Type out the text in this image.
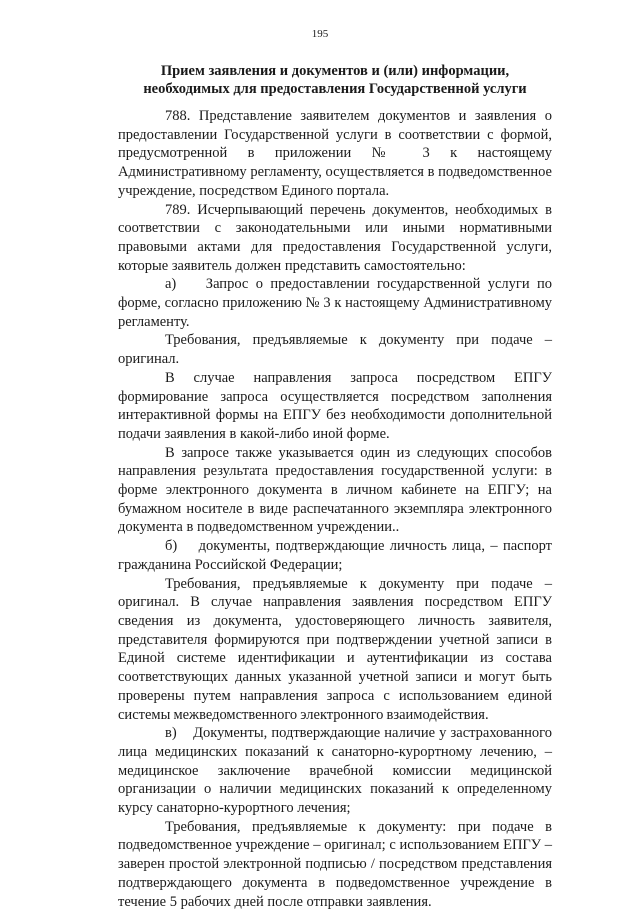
195
Прием заявления и документов и (или) информации, необходимых для предоставления Государственной услуги

788. Представление заявителем документов и заявления о предоставлении Государственной услуги в соответствии с формой, предусмотренной в приложении № 3 к настоящему Административному регламенту, осуществляется в подведомственное учреждение, посредством Единого портала.

789. Исчерпывающий перечень документов, необходимых в соответствии с законодательными или иными нормативными правовыми актами для предоставления Государственной услуги, которые заявитель должен представить самостоятельно:

а)    Запрос о предоставлении государственной услуги по форме, согласно приложению № 3 к настоящему Административному регламенту.

Требования, предъявляемые к документу при подаче – оригинал.

В случае направления запроса посредством ЕПГУ формирование запроса осуществляется посредством заполнения интерактивной формы на ЕПГУ без необходимости дополнительной подачи заявления в какой-либо иной форме.

В запросе также указывается один из следующих способов направления результата предоставления государственной услуги: в форме электронного документа в личном кабинете на ЕПГУ; на бумажном носителе в виде распечатанного экземпляра электронного документа в подведомственном учреждении..

б)    документы, подтверждающие личность лица, – паспорт гражданина Российской Федерации;

Требования, предъявляемые к документу при подаче – оригинал. В случае направления заявления посредством ЕПГУ сведения из документа, удостоверяющего личность заявителя, представителя формируются при подтверждении учетной записи в Единой системе идентификации и аутентификации из состава соответствующих данных указанной учетной записи и могут быть проверены путем направления запроса с использованием единой системы межведомственного электронного взаимодействия.

в)    Документы, подтверждающие наличие у застрахованного лица медицинских показаний к санаторно-курортному лечению, – медицинское заключение врачебной комиссии медицинской организации о наличии медицинских показаний к определенному курсу санаторно-курортного лечения;

Требования, предъявляемые к документу: при подаче в подведомственное учреждение – оригинал; с использованием ЕПГУ – заверен простой электронной подписью / посредством представления подтверждающего документа в подведомственное учреждение в течение 5 рабочих дней после отправки заявления.
